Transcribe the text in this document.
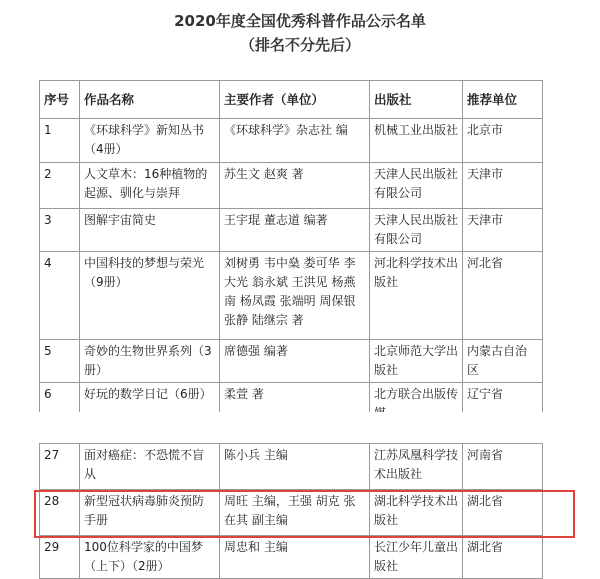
2020年度全国优秀科普作品公示名单
（排名不分先后）
序号	作品名称	主要作者（单位）	出版社	推荐单位
1	《环球科学》新知丛书（4册）	《环球科学》杂志社 编	机械工业出版社	北京市
2	人文草木：16种植物的起源、驯化与崇拜	苏生文 赵爽 著	天津人民出版社有限公司	天津市
3	图解宇宙简史	王宇琨 董志道 编著	天津人民出版社有限公司	天津市
4	中国科技的梦想与荣光（9册）	刘树勇 韦中燊 娄可华 李大光 翁永斌 王洪见 杨燕南 杨凤霞 张端明 周保银 张静 陆继宗 著	河北科学技术出版社	河北省
5	奇妙的生物世界系列（3册）	席德强 编著	北京师范大学出版社	内蒙古自治区
6	好玩的数学日记（6册）	柔萱 著	北方联合出版传	辽宁省
27	面对癌症：不恐慌不盲从	陈小兵 主编	江苏凤凰科学技术出版社	河南省
28	新型冠状病毒肺炎预防手册	周旺 主编，王强 胡克 张在其 副主编	湖北科学技术出版社	湖北省
29	100位科学家的中国梦（上下）（2册）	周忠和 主编	长江少年儿童出版社	湖北省
